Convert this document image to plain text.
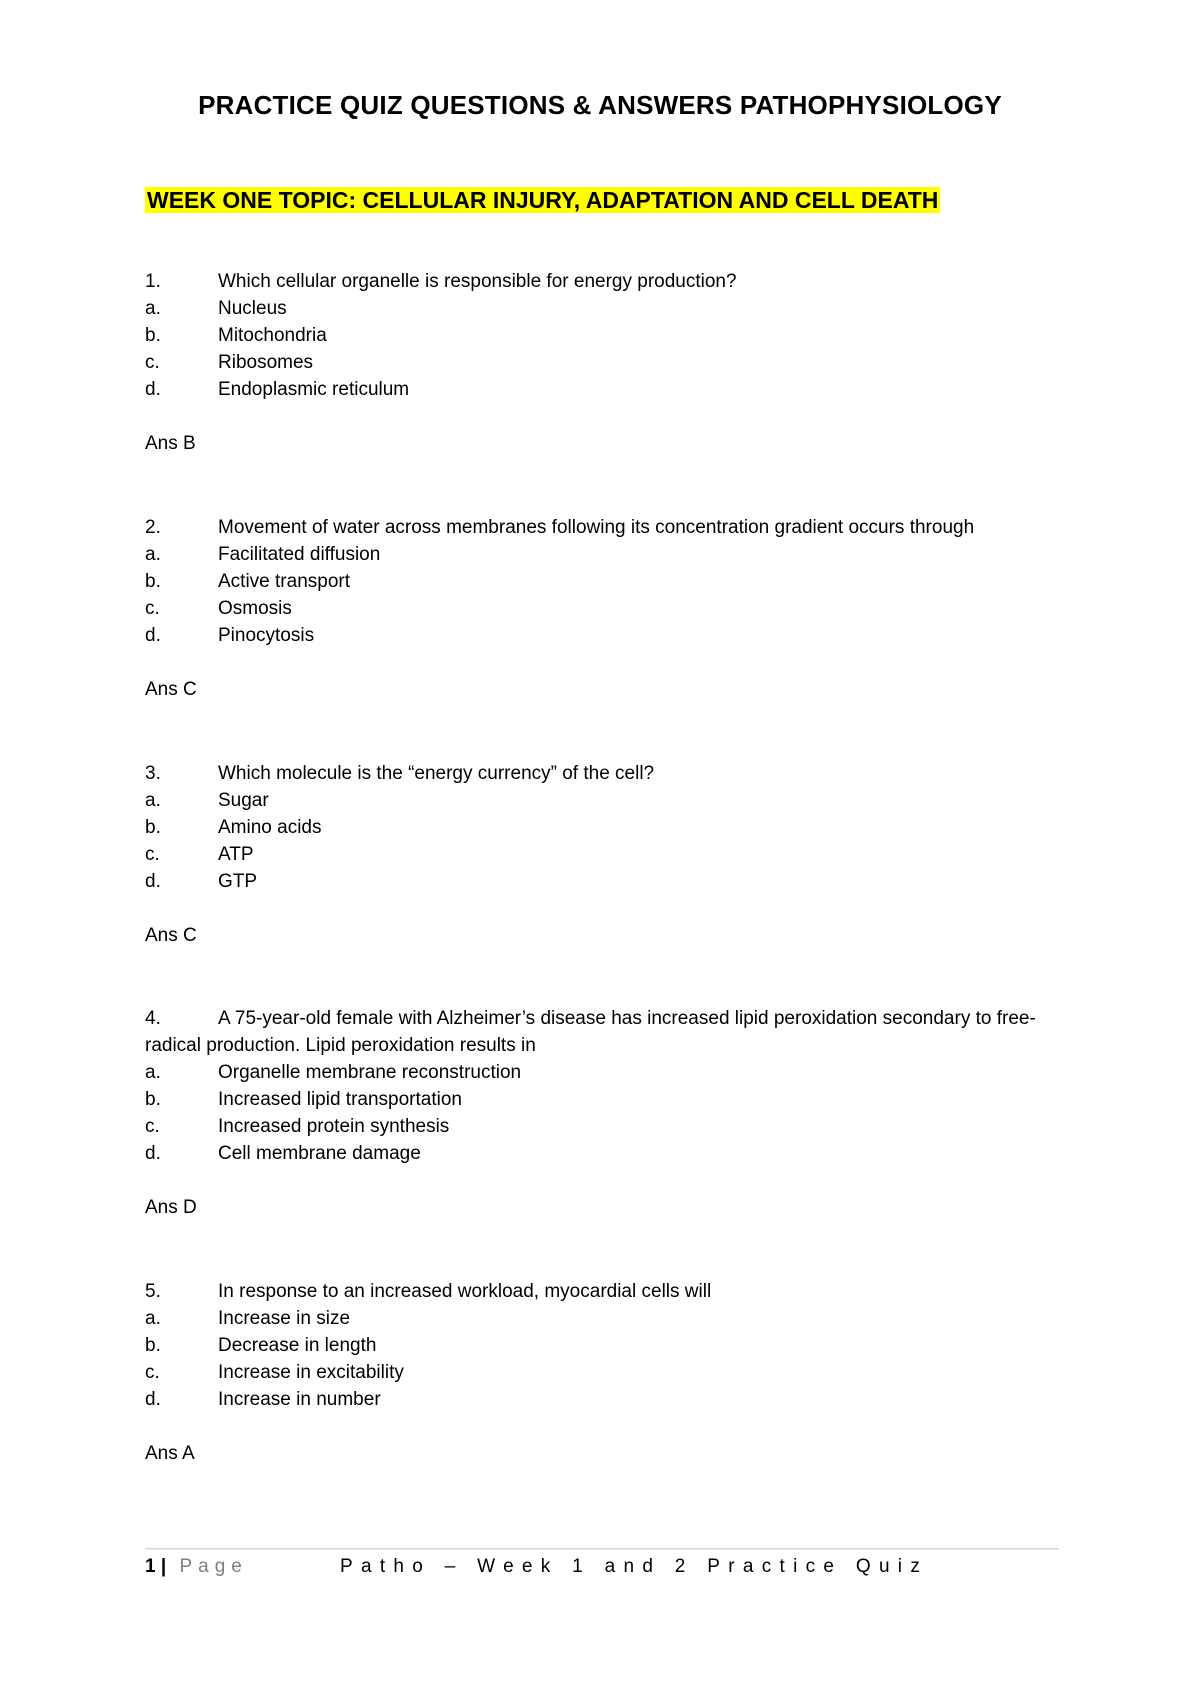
PRACTICE QUIZ QUESTIONS & ANSWERS PATHOPHYSIOLOGY
WEEK ONE TOPIC: CELLULAR INJURY, ADAPTATION AND CELL DEATH
1.	Which cellular organelle is responsible for energy production?
a.	Nucleus
b.	Mitochondria
c.	Ribosomes
d.	Endoplasmic reticulum
Ans B
2.	Movement of water across membranes following its concentration gradient occurs through
a.	Facilitated diffusion
b.	Active transport
c.	Osmosis
d.	Pinocytosis
Ans C
3.	Which molecule is the “energy currency” of the cell?
a.	Sugar
b.	Amino acids
c.	ATP
d.	GTP
Ans C
4.	A 75-year-old female with Alzheimer’s disease has increased lipid peroxidation secondary to free-radical production. Lipid peroxidation results in
a.	Organelle membrane reconstruction
b.	Increased lipid transportation
c.	Increased protein synthesis
d.	Cell membrane damage
Ans D
5.	In response to an increased workload, myocardial cells will
a.	Increase in size
b.	Decrease in length
c.	Increase in excitability
d.	Increase in number
Ans A
1 | Page	Patho – Week 1 and 2 Practice Quiz
